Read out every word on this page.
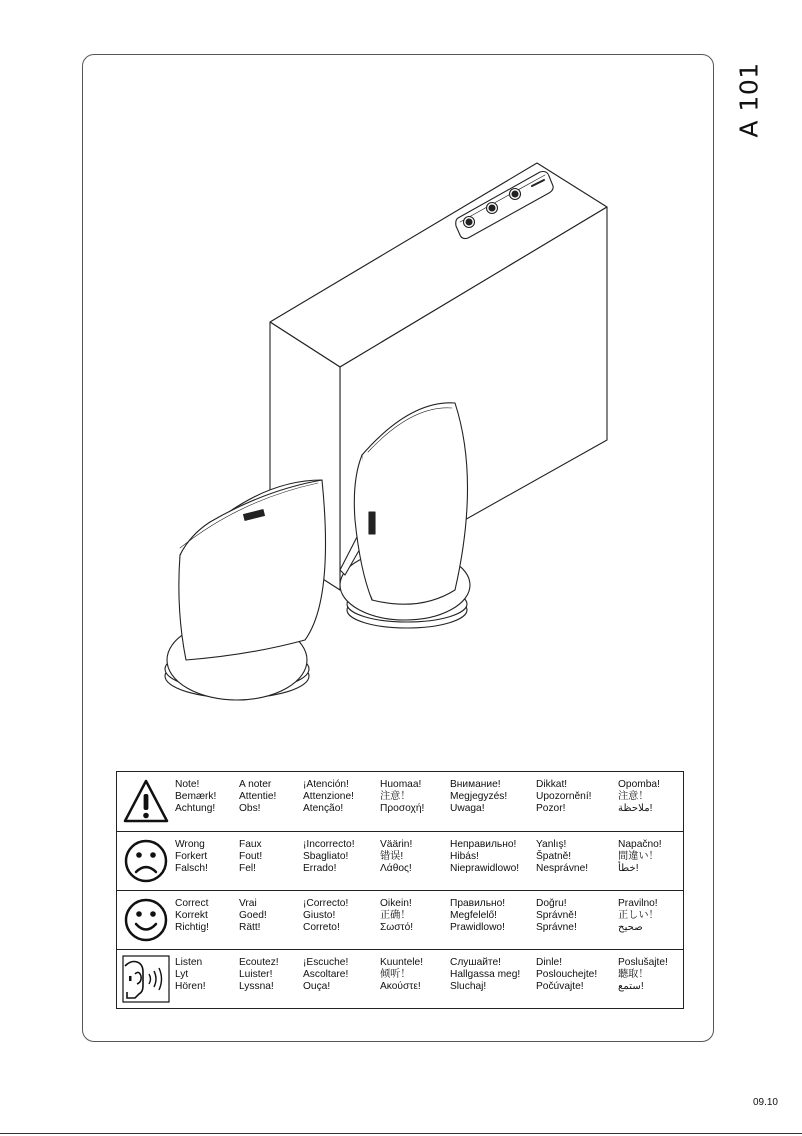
A 101
Note!
Bemærk!
Achtung!
A noter
Attentie!
Obs!
¡Atención!
Attenzione!
Atenção!
Huomaa!
注意！
Προσοχή!
Внимание!
Megjegyzés!
Uwaga!
Dikkat!
Upozornění!
Pozor!
Opomba!
注意！
ملاحظة!
Wrong
Forkert
Falsch!
Faux
Fout!
Fel!
¡Incorrecto!
Sbagliato!
Errado!
Väärin!
错误!
Λάθος!
Неправильно!
Hibás!
Nieprawidlowo!
Yanlış!
Špatně!
Nesprávne!
Napačno!
間違い！
خطأ!
Correct
Korrekt
Richtig!
Vrai
Goed!
Rätt!
¡Correcto!
Giusto!
Correto!
Oikein!
正确！
Σωστό!
Правильно!
Megfelelő!
Prawidlowo!
Doğru!
Správně!
Správne!
Pravilno!
正しい！
صحيح
Listen
Lyt
Hören!
Ecoutez!
Luister!
Lyssna!
¡Escuche!
Ascoltare!
Ouça!
Kuuntele!
倾听！
Ακούστε!
Слушайте!
Hallgassa meg!
Sluchaj!
Dinle!
Poslouchejte!
Počúvajte!
Poslušajte!
聽取！
ستمع!
09.10
